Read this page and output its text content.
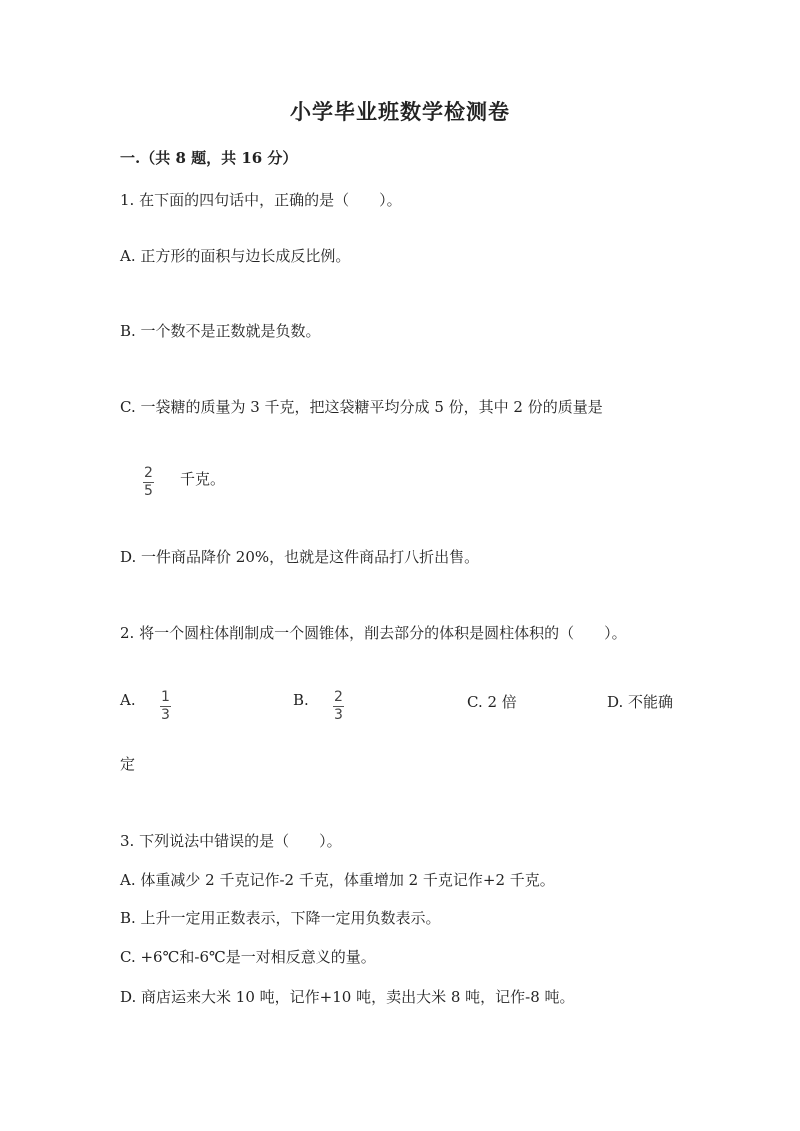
小学毕业班数学检测卷
一.（共 8 题，共 16 分）
1. 在下面的四句话中，正确的是（　　）。
A. 正方形的面积与边长成反比例。
B. 一个数不是正数就是负数。
C. 一袋糖的质量为 3 千克，把这袋糖平均分成 5 份，其中 2 份的质量是
$\frac{2}{5}$ 千克。
D. 一件商品降价 20%，也就是这件商品打八折出售。
2. 将一个圆柱体削制成一个圆锥体，削去部分的体积是圆柱体积的（　　）。
A. $\frac{1}{3}$	B. $\frac{2}{3}$	C. 2 倍	D. 不能确
定
3. 下列说法中错误的是（　　）。
A. 体重减少 2 千克记作-2 千克，体重增加 2 千克记作+2 千克。
B. 上升一定用正数表示，下降一定用负数表示。
C. +6℃和-6℃是一对相反意义的量。
D. 商店运来大米 10 吨，记作+10 吨，卖出大米 8 吨，记作-8 吨。
